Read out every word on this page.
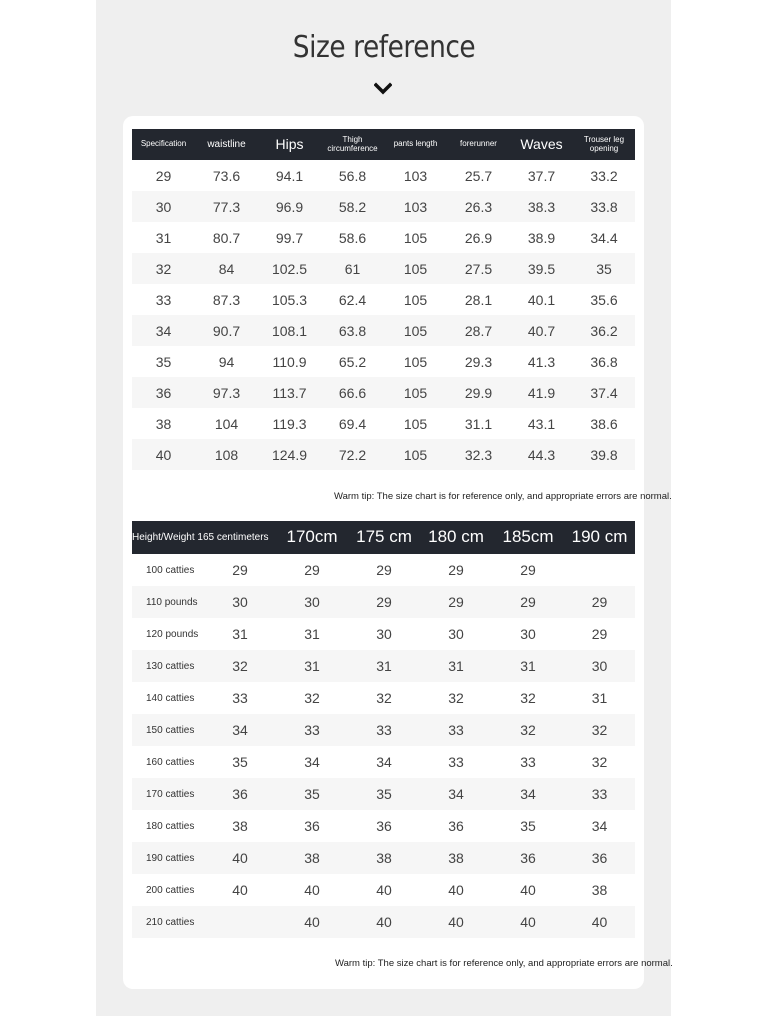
Size reference
Specification	waistline	Hips	Thigh circumference	pants length	forerunner	Waves	Trouser leg opening
29	73.6	94.1	56.8	103	25.7	37.7	33.2
30	77.3	96.9	58.2	103	26.3	38.3	33.8
31	80.7	99.7	58.6	105	26.9	38.9	34.4
32	84	102.5	61	105	27.5	39.5	35
33	87.3	105.3	62.4	105	28.1	40.1	35.6
34	90.7	108.1	63.8	105	28.7	40.7	36.2
35	94	110.9	65.2	105	29.3	41.3	36.8
36	97.3	113.7	66.6	105	29.9	41.9	37.4
38	104	119.3	69.4	105	31.1	43.1	38.6
40	108	124.9	72.2	105	32.3	44.3	39.8
Warm tip: The size chart is for reference only, and appropriate errors are normal.
Height/Weight 165 centimeters		170cm	175 cm	180 cm	185cm	190 cm
100 catties	29	29	29	29	29	
110 pounds	30	30	29	29	29	29
120 pounds	31	31	30	30	30	29
130 catties	32	31	31	31	31	30
140 catties	33	32	32	32	32	31
150 catties	34	33	33	33	32	32
160 catties	35	34	34	33	33	32
170 catties	36	35	35	34	34	33
180 catties	38	36	36	36	35	34
190 catties	40	38	38	38	36	36
200 catties	40	40	40	40	40	38
210 catties		40	40	40	40	40
Warm tip: The size chart is for reference only, and appropriate errors are normal.
